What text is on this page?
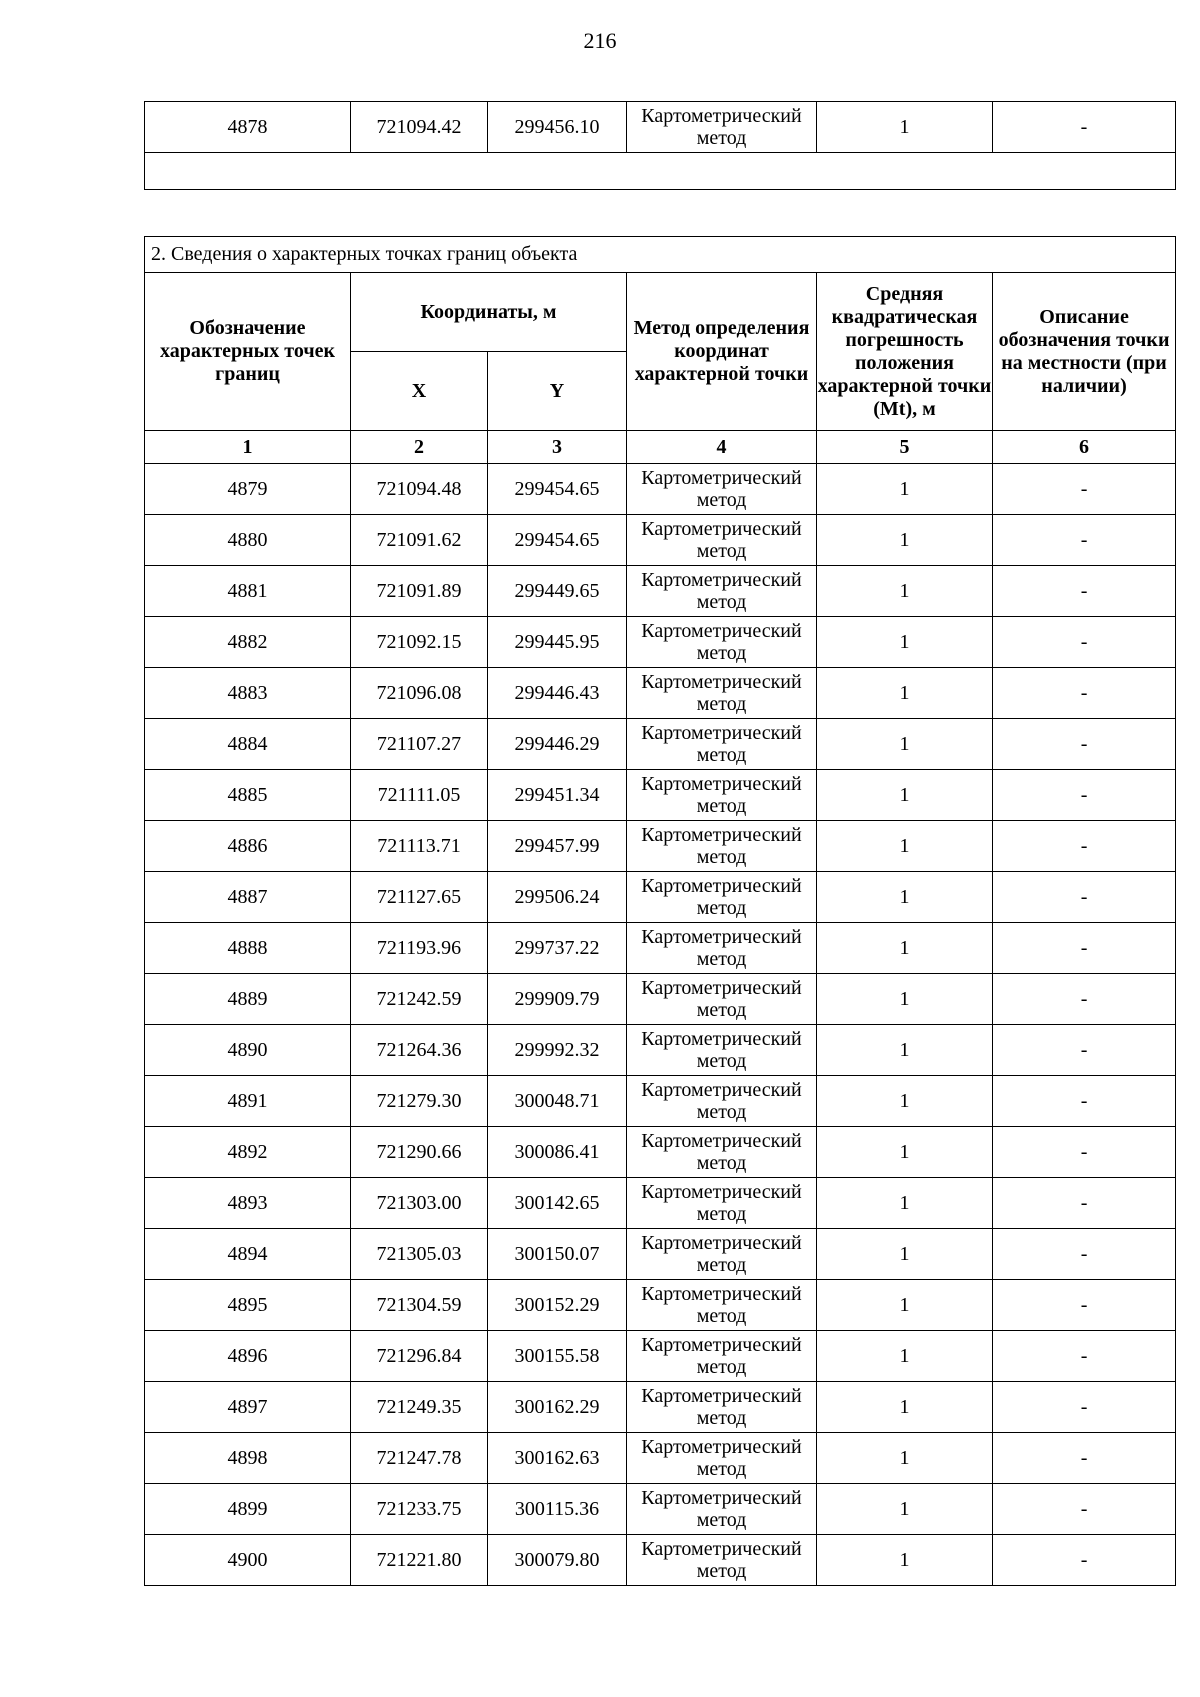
216
4878	721094.42	299456.10	Картометрический метод	1	-

2. Сведения о характерных точках границ объекта					
Обозначение характерных точек границ	Координаты, м		Метод определения координат характерной точки	Средняя квадратическая погрешность положения характерной точки (Mt), м	Описание обозначения точки на местности (при наличии)
	X	Y			
1	2	3	4	5	6
4879	721094.48	299454.65	Картометрический метод	1	-
4880	721091.62	299454.65	Картометрический метод	1	-
4881	721091.89	299449.65	Картометрический метод	1	-
4882	721092.15	299445.95	Картометрический метод	1	-
4883	721096.08	299446.43	Картометрический метод	1	-
4884	721107.27	299446.29	Картометрический метод	1	-
4885	721111.05	299451.34	Картометрический метод	1	-
4886	721113.71	299457.99	Картометрический метод	1	-
4887	721127.65	299506.24	Картометрический метод	1	-
4888	721193.96	299737.22	Картометрический метод	1	-
4889	721242.59	299909.79	Картометрический метод	1	-
4890	721264.36	299992.32	Картометрический метод	1	-
4891	721279.30	300048.71	Картометрический метод	1	-
4892	721290.66	300086.41	Картометрический метод	1	-
4893	721303.00	300142.65	Картометрический метод	1	-
4894	721305.03	300150.07	Картометрический метод	1	-
4895	721304.59	300152.29	Картометрический метод	1	-
4896	721296.84	300155.58	Картометрический метод	1	-
4897	721249.35	300162.29	Картометрический метод	1	-
4898	721247.78	300162.63	Картометрический метод	1	-
4899	721233.75	300115.36	Картометрический метод	1	-
4900	721221.80	300079.80	Картометрический метод	1	-
